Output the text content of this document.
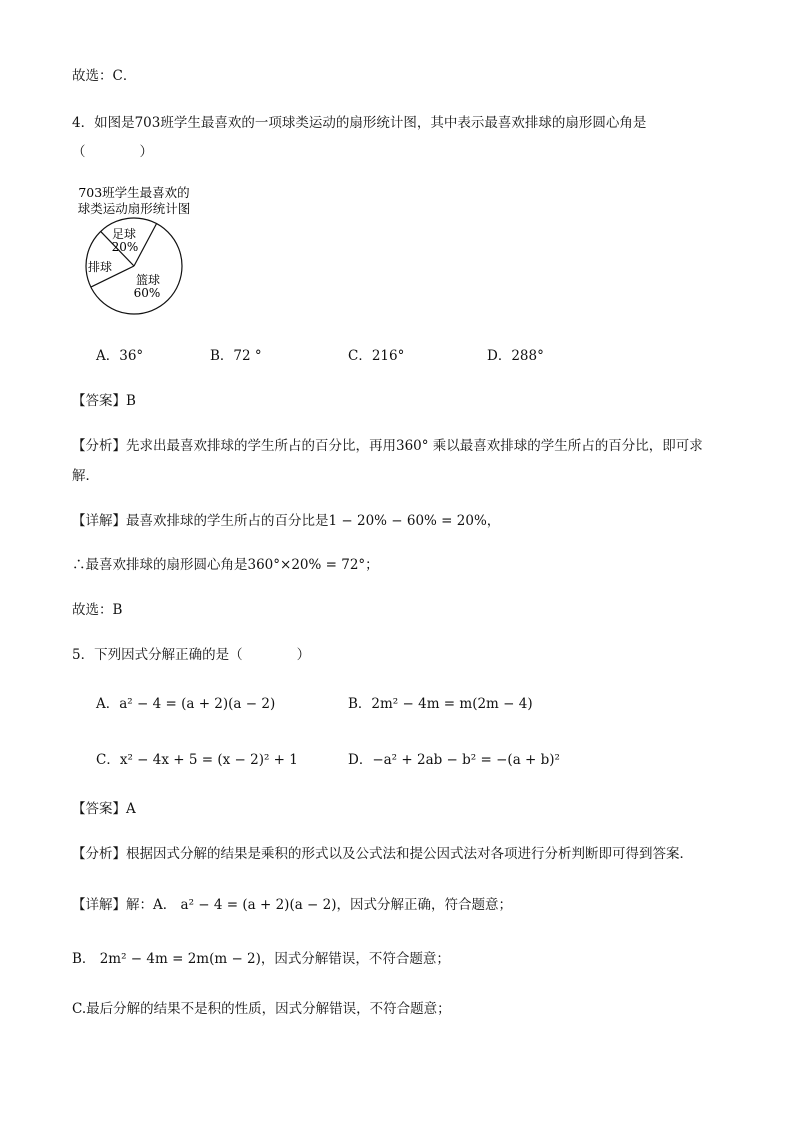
故选：C．
4．如图是703班学生最喜欢的一项球类运动的扇形统计图，其中表示最喜欢排球的扇形圆心角是
（　　　　）
703班学生最喜欢的
球类运动扇形统计图
足球
20%
排球
篮球
60%
A．36°	B．72 °	C．216°	D．288°
【答案】B
【分析】先求出最喜欢排球的学生所占的百分比，再用360° 乘以最喜欢排球的学生所占的百分比，即可求
解．
【详解】最喜欢排球的学生所占的百分比是1 − 20% − 60% = 20%，
∴最喜欢排球的扇形圆心角是360°×20% = 72°；
故选：B
5．下列因式分解正确的是（　　　　）
A．a² − 4 = (a + 2)(a − 2)	B．2m² − 4m = m(2m − 4)
C．x² − 4x + 5 = (x − 2)² + 1	D．−a² + 2ab − b² = −(a + b)²
【答案】A
【分析】根据因式分解的结果是乘积的形式以及公式法和提公因式法对各项进行分析判断即可得到答案．
【详解】解：A． a² − 4 = (a + 2)(a − 2)，因式分解正确，符合题意；
B． 2m² − 4m = 2m(m − 2)，因式分解错误，不符合题意；
C.最后分解的结果不是积的性质，因式分解错误，不符合题意；
